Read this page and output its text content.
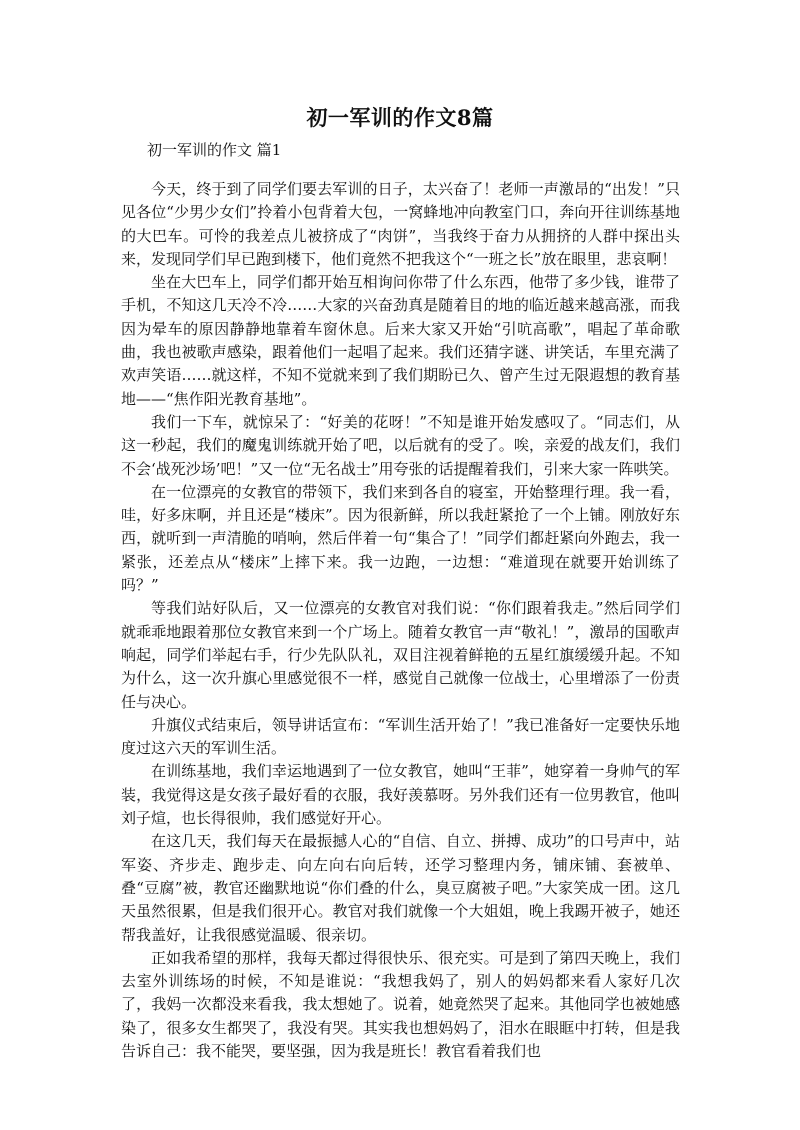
初一军训的作文8篇
初一军训的作文 篇1

今天，终于到了同学们要去军训的日子，太兴奋了！老师一声激昂的“出发！”只见各位“少男少女们”拎着小包背着大包，一窝蜂地冲向教室门口，奔向开往训练基地的大巴车。可怜的我差点儿被挤成了“肉饼”，当我终于奋力从拥挤的人群中探出头来，发现同学们早已跑到楼下，他们竟然不把我这个“一班之长”放在眼里，悲哀啊！

坐在大巴车上，同学们都开始互相询问你带了什么东西，他带了多少钱，谁带了手机，不知这几天冷不冷……大家的兴奋劲真是随着目的地的临近越来越高涨，而我因为晕车的原因静静地靠着车窗休息。后来大家又开始“引吭高歌”，唱起了革命歌曲，我也被歌声感染，跟着他们一起唱了起来。我们还猜字谜、讲笑话，车里充满了欢声笑语……就这样，不知不觉就来到了我们期盼已久、曾产生过无限遐想的教育基地——“焦作阳光教育基地”。

我们一下车，就惊呆了：“好美的花呀！”不知是谁开始发感叹了。“同志们，从这一秒起，我们的魔鬼训练就开始了吧，以后就有的受了。唉，亲爱的战友们，我们不会‘战死沙场’吧！”又一位“无名战士”用夸张的话提醒着我们，引来大家一阵哄笑。

在一位漂亮的女教官的带领下，我们来到各自的寝室，开始整理行理。我一看，哇，好多床啊，并且还是“楼床”。因为很新鲜，所以我赶紧抢了一个上铺。刚放好东西，就听到一声清脆的哨响，然后伴着一句“集合了！”同学们都赶紧向外跑去，我一紧张，还差点从“楼床”上摔下来。我一边跑，一边想：“难道现在就要开始训练了吗？”

等我们站好队后，又一位漂亮的女教官对我们说：“你们跟着我走。”然后同学们就乖乖地跟着那位女教官来到一个广场上。随着女教官一声“敬礼！”，激昂的国歌声响起，同学们举起右手，行少先队队礼，双目注视着鲜艳的五星红旗缓缓升起。不知为什么，这一次升旗心里感觉很不一样，感觉自己就像一位战士，心里增添了一份责任与决心。

升旗仪式结束后，领导讲话宣布：“军训生活开始了！”我已准备好一定要快乐地度过这六天的军训生活。

在训练基地，我们幸运地遇到了一位女教官，她叫“王菲”，她穿着一身帅气的军装，我觉得这是女孩子最好看的衣服，我好羡慕呀。另外我们还有一位男教官，他叫刘子煊，也长得很帅，我们感觉好开心。

在这几天，我们每天在最振撼人心的“自信、自立、拼搏、成功”的口号声中，站军姿、齐步走、跑步走、向左向右向后转，还学习整理内务，铺床铺、套被单、叠“豆腐”被，教官还幽默地说“你们叠的什么，臭豆腐被子吧。”大家笑成一团。这几天虽然很累，但是我们很开心。教官对我们就像一个大姐姐，晚上我踢开被子，她还帮我盖好，让我很感觉温暖、很亲切。

正如我希望的那样，我每天都过得很快乐、很充实。可是到了第四天晚上，我们去室外训练场的时候，不知是谁说：“我想我妈了，别人的妈妈都来看人家好几次了，我妈一次都没来看我，我太想她了。说着，她竟然哭了起来。其他同学也被她感染了，很多女生都哭了，我没有哭。其实我也想妈妈了，泪水在眼眶中打转，但是我告诉自己：我不能哭，要坚强，因为我是班长！教官看着我们也
